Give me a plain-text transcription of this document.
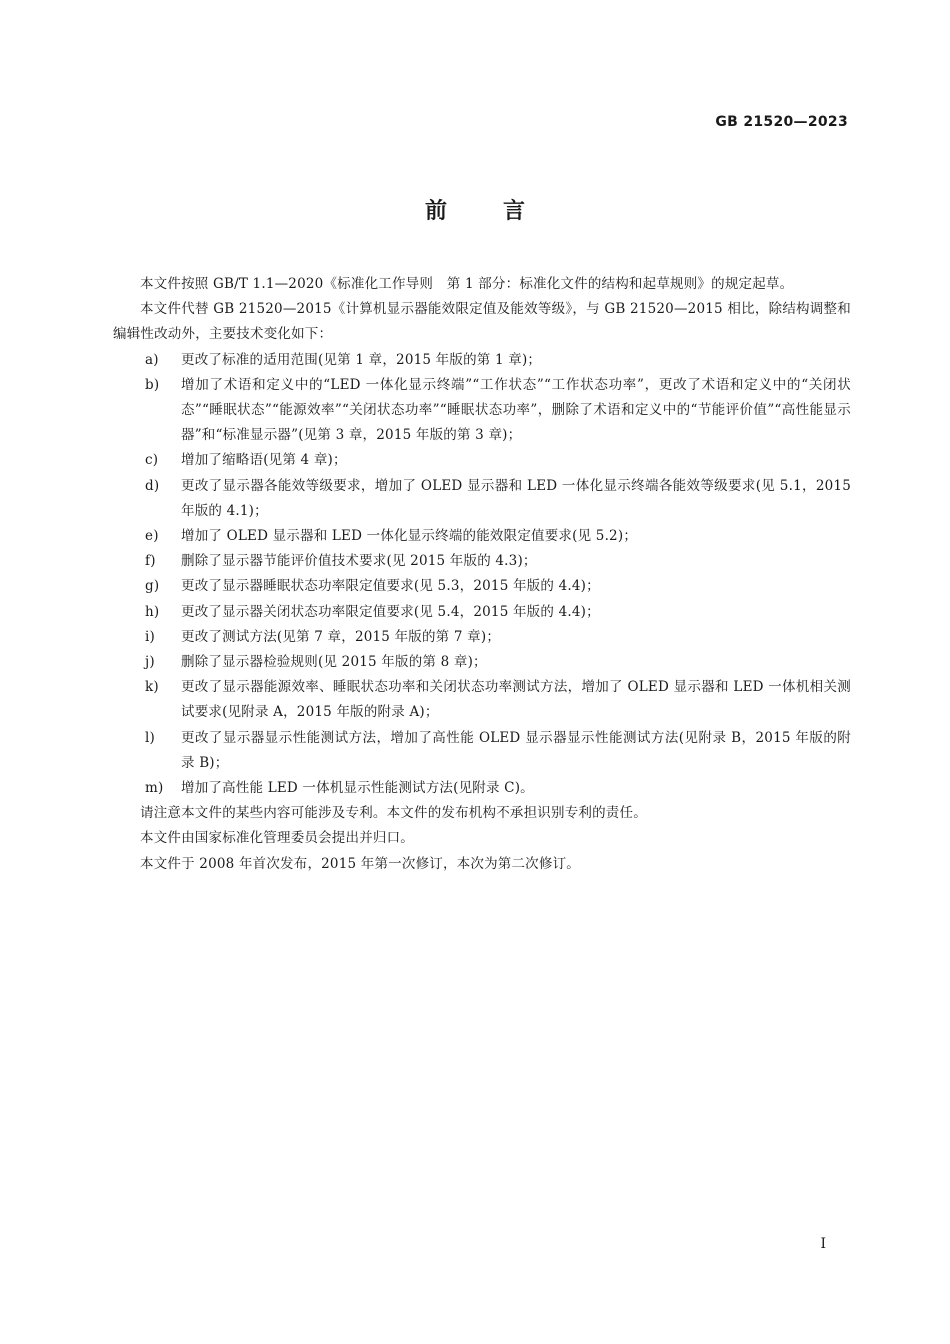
GB 21520—2023
前言

本文件按照 GB/T 1.1—2020《标准化工作导则　第 1 部分：标准化文件的结构和起草规则》的规定起草。

本文件代替 GB 21520—2015《计算机显示器能效限定值及能效等级》，与 GB 21520—2015 相比，除结构调整和编辑性改动外，主要技术变化如下：

a)	更改了标准的适用范围(见第 1 章，2015 年版的第 1 章)；
b)	增加了术语和定义中的“LED 一体化显示终端”“工作状态”“工作状态功率”，更改了术语和定义中的“关闭状态”“睡眠状态”“能源效率”“关闭状态功率”“睡眠状态功率”，删除了术语和定义中的“节能评价值”“高性能显示器”和“标准显示器”(见第 3 章，2015 年版的第 3 章)；
c)	增加了缩略语(见第 4 章)；
d)	更改了显示器各能效等级要求，增加了 OLED 显示器和 LED 一体化显示终端各能效等级要求(见 5.1，2015 年版的 4.1)；
e)	增加了 OLED 显示器和 LED 一体化显示终端的能效限定值要求(见 5.2)；
f)	删除了显示器节能评价值技术要求(见 2015 年版的 4.3)；
g)	更改了显示器睡眠状态功率限定值要求(见 5.3，2015 年版的 4.4)；
h)	更改了显示器关闭状态功率限定值要求(见 5.4，2015 年版的 4.4)；
i)	更改了测试方法(见第 7 章，2015 年版的第 7 章)；
j)	删除了显示器检验规则(见 2015 年版的第 8 章)；
k)	更改了显示器能源效率、睡眠状态功率和关闭状态功率测试方法，增加了 OLED 显示器和 LED 一体机相关测试要求(见附录 A，2015 年版的附录 A)；
l)	更改了显示器显示性能测试方法，增加了高性能 OLED 显示器显示性能测试方法(见附录 B，2015 年版的附录 B)；
m)	增加了高性能 LED 一体机显示性能测试方法(见附录 C)。

请注意本文件的某些内容可能涉及专利。本文件的发布机构不承担识别专利的责任。

本文件由国家标准化管理委员会提出并归口。

本文件于 2008 年首次发布，2015 年第一次修订，本次为第二次修订。

I
